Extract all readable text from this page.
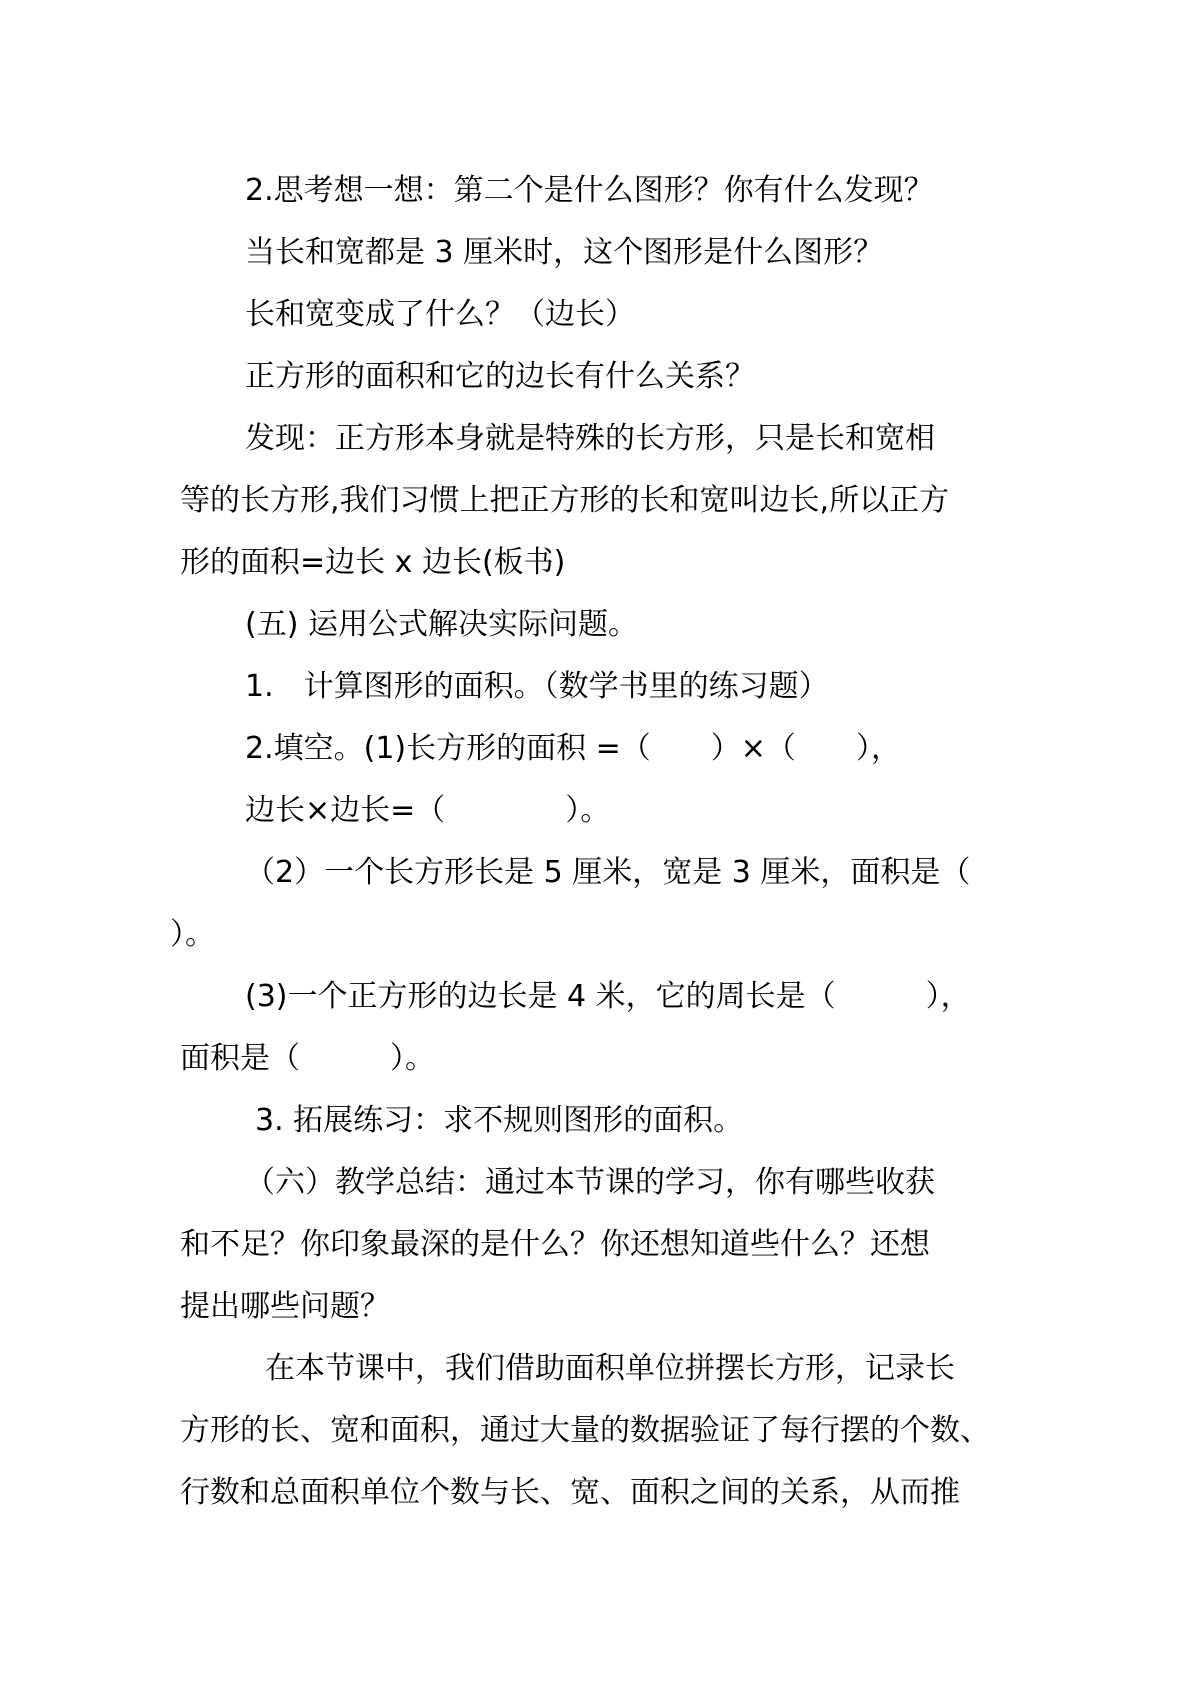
2.思考想一想：第二个是什么图形？你有什么发现？
当长和宽都是 3 厘米时，这个图形是什么图形？
长和宽变成了什么？（边长）
正方形的面积和它的边长有什么关系？
发现：正方形本身就是特殊的长方形，只是长和宽相
等的长方形,我们习惯上把正方形的长和宽叫边长,所以正方
形的面积=边长 x 边长(板书)
(五) 运用公式解决实际问题。
1.　计算图形的面积。（数学书里的练习题）
2.填空。(1)长方形的面积 =（　　）×（　　），
边长×边长=（　　　　）。
（2）一个长方形长是 5 厘米，宽是 3 厘米，面积是（
）。
(3)一个正方形的边长是 4 米，它的周长是（　　　），
面积是（　　　）。
3. 拓展练习：求不规则图形的面积。
（六）教学总结：通过本节课的学习，你有哪些收获
和不足？你印象最深的是什么？你还想知道些什么？还想
提出哪些问题？
在本节课中，我们借助面积单位拼摆长方形，记录长
方形的长、宽和面积，通过大量的数据验证了每行摆的个数、
行数和总面积单位个数与长、宽、面积之间的关系，从而推
